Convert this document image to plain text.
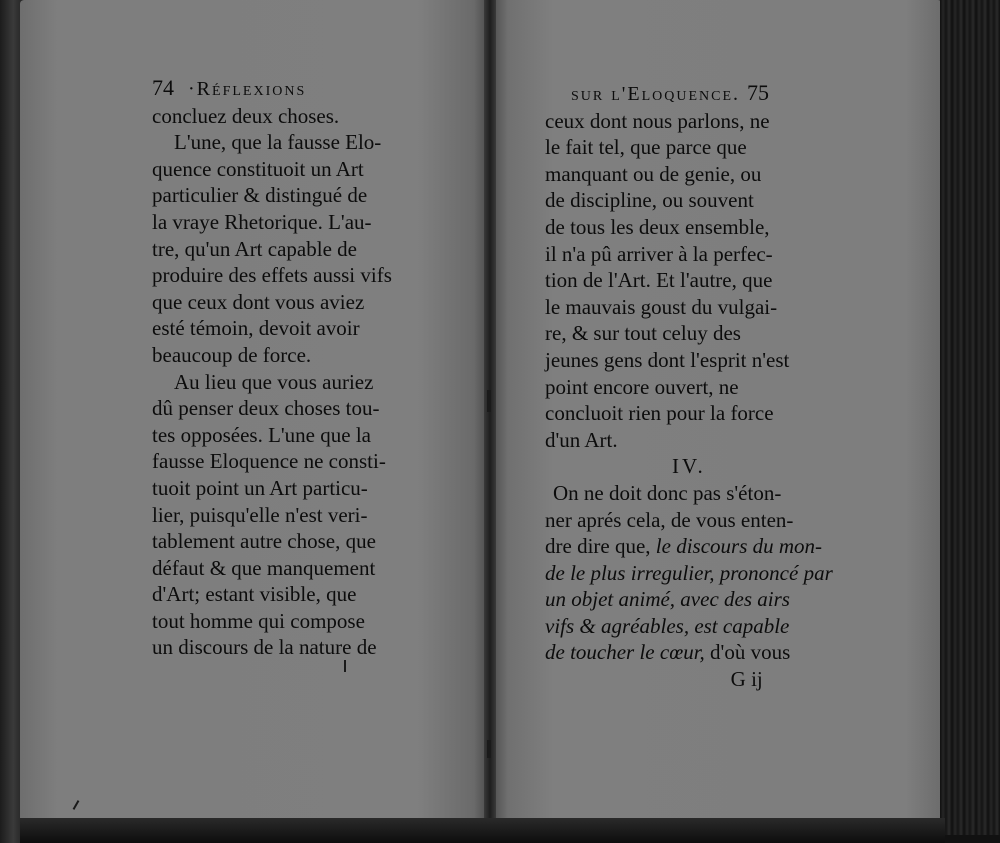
74  ·Réflexions
concluez deux choses.
L'une, que la fausse Elo-
quence constituoit un Art
particulier & distingué de
la vraye Rhetorique. L'au-
tre, qu'un Art capable de
produire des effets aussi vifs
que ceux dont vous aviez
esté témoin, devoit avoir
beaucoup de force.
Au lieu que vous auriez
dû penser deux choses tou-
tes opposées. L'une que la
fausse Eloquence ne consti-
tuoit point un Art particu-
lier, puisqu'elle n'est veri-
tablement autre chose, que
défaut & que manquement
d'Art; estant visible, que
tout homme qui compose
un discours de la nature de
sur l'Eloquence. 75
ceux dont nous parlons, ne
le fait tel, que parce que
manquant ou de genie, ou
de discipline, ou souvent
de tous les deux ensemble,
il n'a pû arriver à la perfec-
tion de l'Art. Et l'autre, que
le mauvais goust du vulgai-
re, & sur tout celuy des
jeunes gens dont l'esprit n'est
point encore ouvert, ne
concluoit rien pour la force
d'un Art.
IV.
On ne doit donc pas s'éton-
ner aprés cela, de vous enten-
dre dire que, le discours du mon-
de le plus irregulier, prononcé par
un objet animé, avec des airs
vifs & agréables, est capable
de toucher le cœur, d'où vous
G ij
